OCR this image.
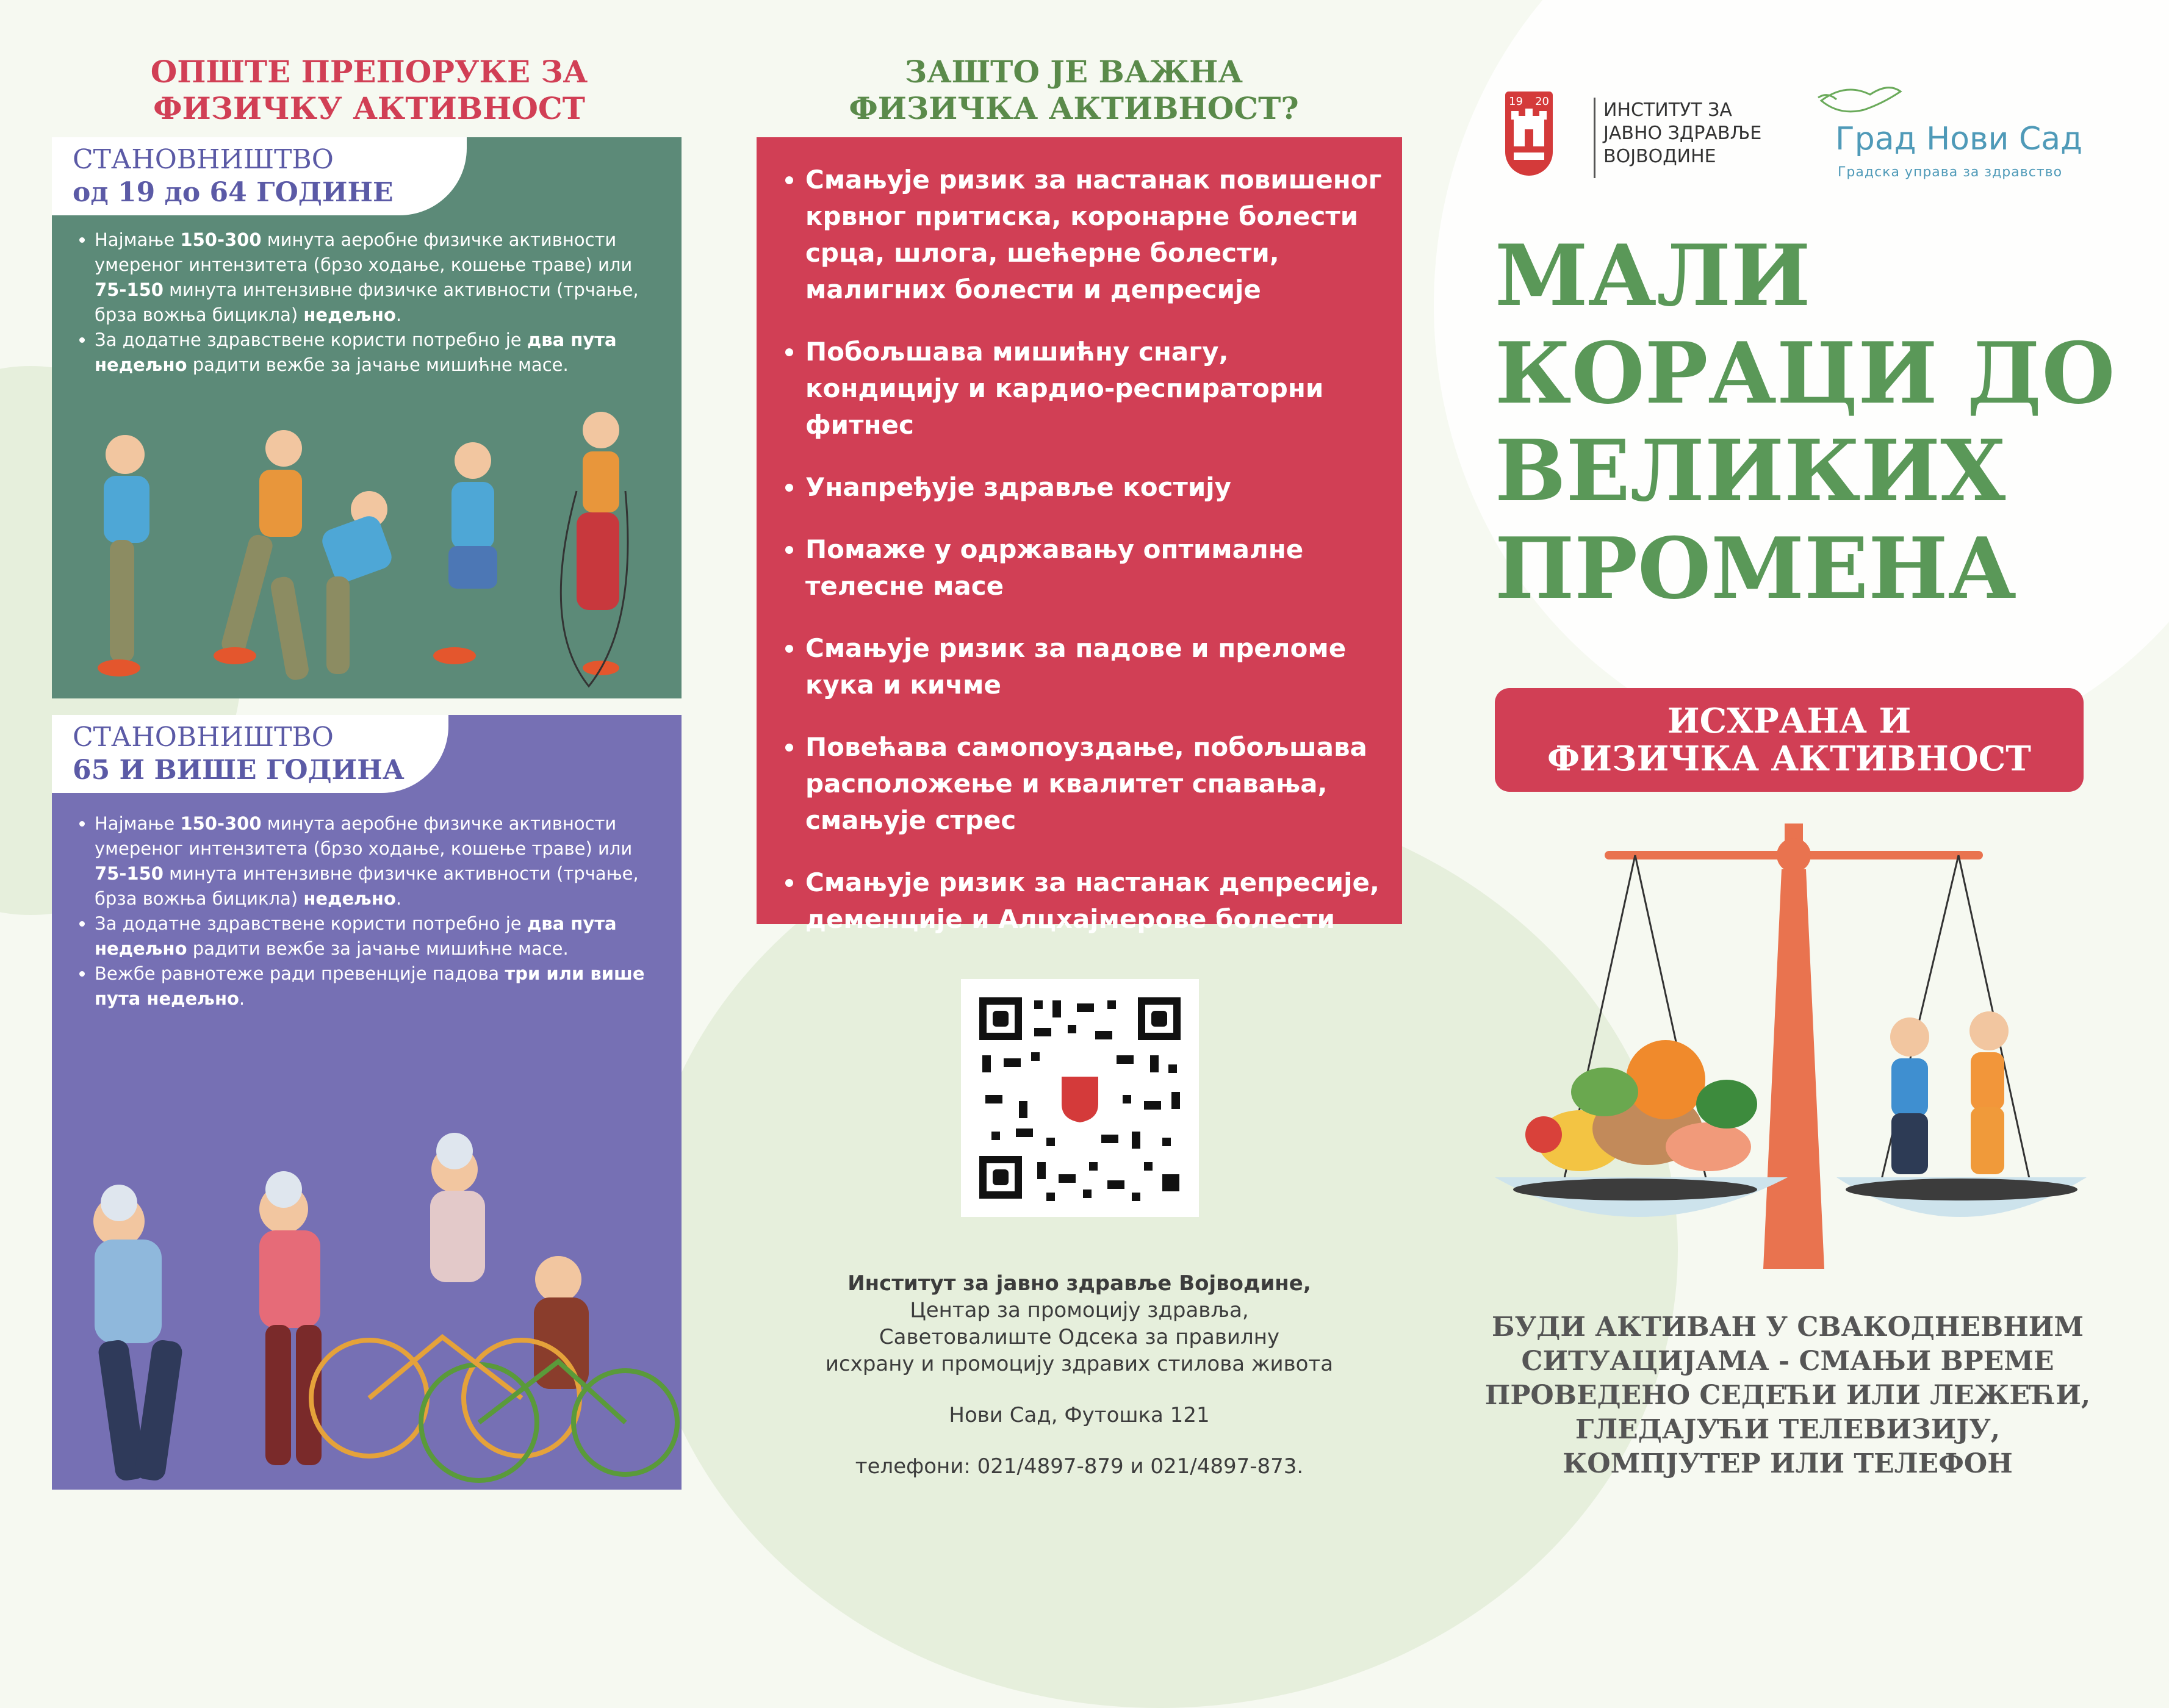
ОПШТЕ ПРЕПОРУКЕ ЗА
ФИЗИЧКУ АКТИВНОСТ
СТАНОВНИШТВО
од 19 до 64 ГОДИНЕ
• Најмање 150-300 минута аеробне физичке активности умереног интензитета (брзо ходање, кошење траве) или 75-150 минута интензивне физичке активности (трчање, брза вожња бицикла) недељно.
• За додатне здравствене користи потребно је два пута недељно радити вежбе за јачање мишићне масе.
СТАНОВНИШТВО
65 И ВИШЕ ГОДИНА
• Најмање 150-300 минута аеробне физичке активности умереног интензитета (брзо ходање, кошење траве) или 75-150 минута интензивне физичке активности (трчање, брза вожња бицикла) недељно.
• За додатне здравствене користи потребно је два пута недељно радити вежбе за јачање мишићне масе.
• Вежбе равнотеже ради превенције падова три или више пута недељно.
ЗАШТО ЈЕ ВАЖНА
ФИЗИЧКА АКТИВНОСТ?
• Смањује ризик за настанак повишеног крвног притиска, коронарне болести срца, шлога, шећерне болести, малигних болести и депресије
• Побољшава мишићну снагу, кондицију и кардио-респираторни фитнес
• Унапређује здравље костију
• Помаже у одржавању оптималне телесне масе
• Смањује ризик за падове и преломе кука и кичме
• Повећава самопоуздање, побољшава расположење и квалитет спавања, смањује стрес
• Смањује ризик за настанак депресије, деменције и Алцхајмерове болести
Институт за јавно здравље Војводине,
Центар за промоцију здравља,
Саветовалиште Одсека за правилну
исхрану и промоцију здравих стилова живота
Нови Сад, Футошка 121
телефони: 021/4897-879 и 021/4897-873.
19 20	ИНСТИТУТ ЗА
ЈАВНО ЗДРАВЉЕ
ВОЈВОДИНЕ	Град Нови Сад
Градска управа за здравство
МАЛИ
КОРАЦИ ДО
ВЕЛИКИХ
ПРОМЕНА
ИСХРАНА И
ФИЗИЧКА АКТИВНОСТ
БУДИ АКТИВАН У СВАКОДНЕВНИМ
СИТУАЦИЈАМА - СМАЊИ ВРЕМЕ
ПРОВЕДЕНО СЕДЕЋИ ИЛИ ЛЕЖЕЋИ,
ГЛЕДАЈУЋИ ТЕЛЕВИЗИЈУ,
КОМПЈУТЕР ИЛИ ТЕЛЕФОН
